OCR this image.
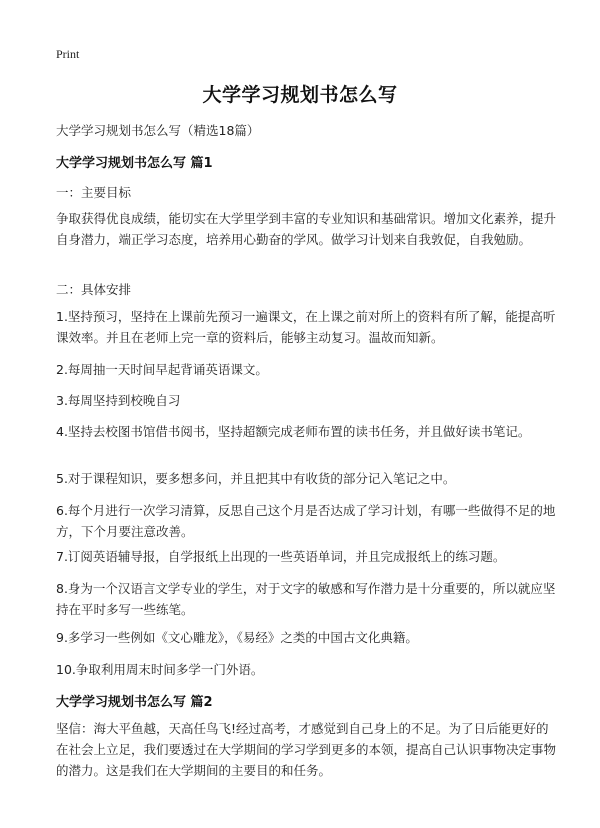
Print
大学学习规划书怎么写
大学学习规划书怎么写（精选18篇）
大学学习规划书怎么写 篇1
一：主要目标
争取获得优良成绩，能切实在大学里学到丰富的专业知识和基础常识。增加文化素养，提升自身潜力，端正学习态度，培养用心勤奋的学风。做学习计划来自我敦促，自我勉励。
二：具体安排
1.坚持预习，坚持在上课前先预习一遍课文，在上课之前对所上的资料有所了解，能提高听课效率。并且在老师上完一章的资料后，能够主动复习。温故而知新。
2.每周抽一天时间早起背诵英语课文。
3.每周坚持到校晚自习
4.坚持去校图书馆借书阅书，坚持超额完成老师布置的读书任务，并且做好读书笔记。
5.对于课程知识，要多想多问，并且把其中有收货的部分记入笔记之中。
6.每个月进行一次学习清算，反思自己这个月是否达成了学习计划，有哪一些做得不足的地方，下个月要注意改善。
7.订阅英语辅导报，自学报纸上出现的一些英语单词，并且完成报纸上的练习题。
8.身为一个汉语言文学专业的学生，对于文字的敏感和写作潜力是十分重要的，所以就应坚持在平时多写一些练笔。
9.多学习一些例如《文心雕龙》，《易经》之类的中国古文化典籍。
10.争取利用周末时间多学一门外语。
大学学习规划书怎么写 篇2
坚信：海大平鱼越，天高任鸟飞!经过高考，才感觉到自己身上的不足。为了日后能更好的在社会上立足，我们要透过在大学期间的学习学到更多的本领，提高自己认识事物决定事物的潜力。这是我们在大学期间的主要目的和任务。
